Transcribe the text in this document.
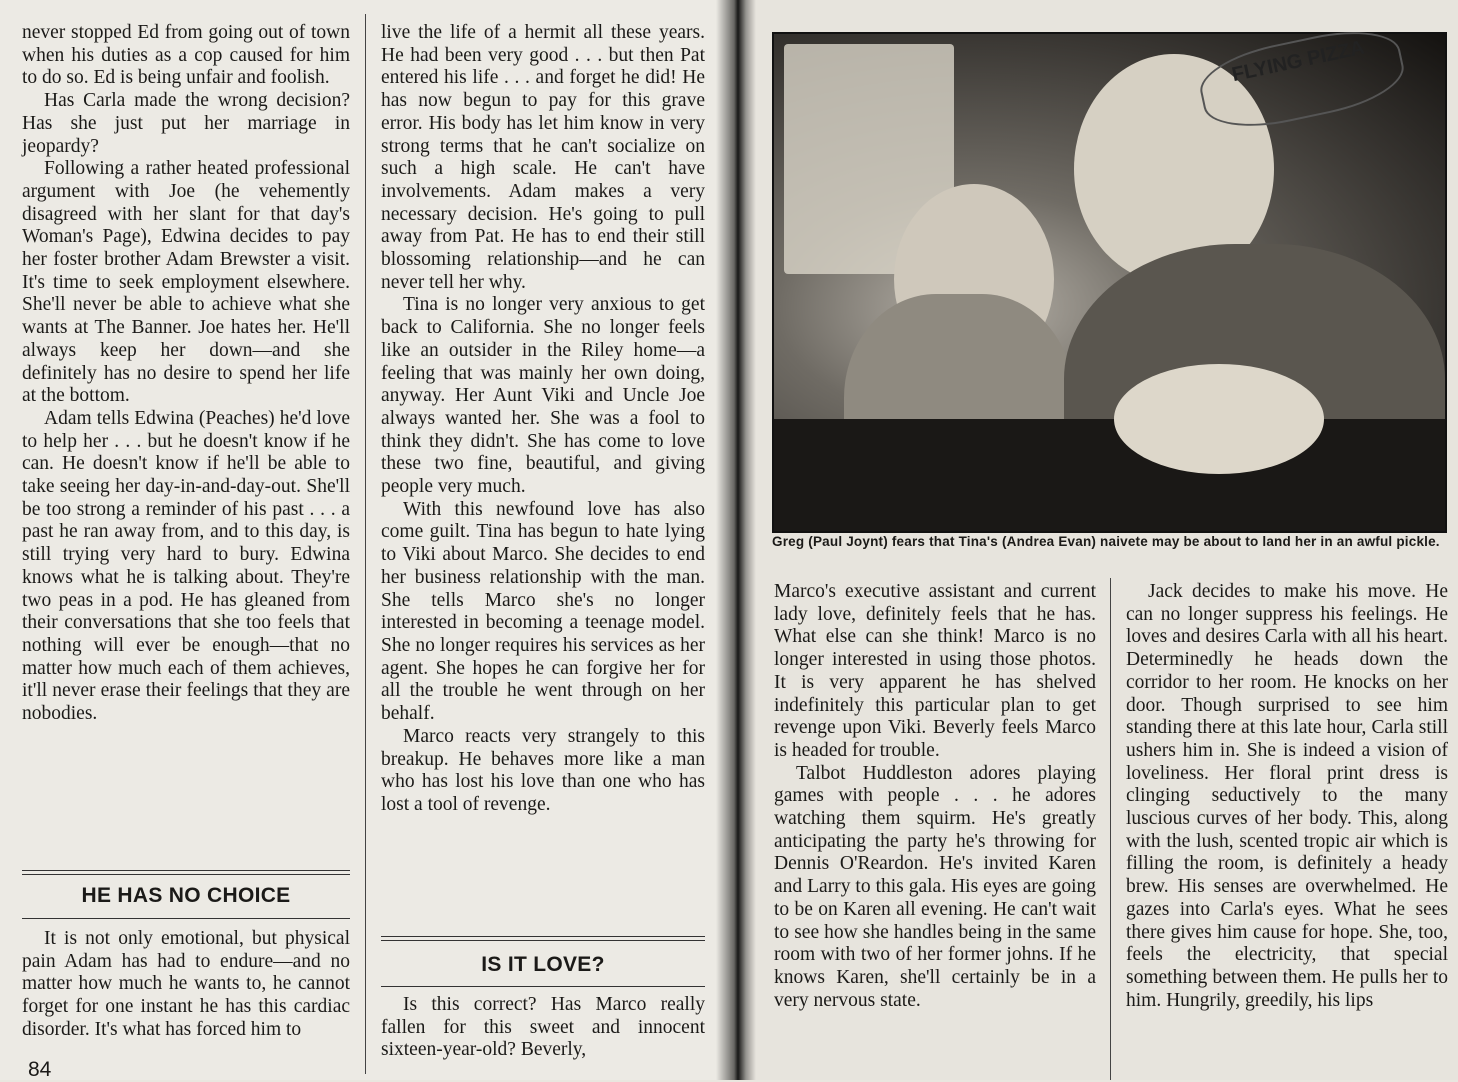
never stopped Ed from going out of town when his duties as a cop caused for him to do so. Ed is being unfair and foolish.

Has Carla made the wrong decision? Has she just put her marriage in jeopardy?

Following a rather heated professional argument with Joe (he vehemently disagreed with her slant for that day's Woman's Page), Edwina decides to pay her foster brother Adam Brewster a visit. It's time to seek employment elsewhere. She'll never be able to achieve what she wants at The Banner. Joe hates her. He'll always keep her down—and she definitely has no desire to spend her life at the bottom.

Adam tells Edwina (Peaches) he'd love to help her . . . but he doesn't know if he can. He doesn't know if he'll be able to take seeing her day-in-and-day-out. She'll be too strong a reminder of his past . . . a past he ran away from, and to this day, is still trying very hard to bury. Edwina knows what he is talking about. They're two peas in a pod. He has gleaned from their conversations that she too feels that nothing will ever be enough—that no matter how much each of them achieves, it'll never erase their feelings that they are nobodies.

HE HAS NO CHOICE

It is not only emotional, but physical pain Adam has had to endure—and no matter how much he wants to, he cannot forget for one instant he has this cardiac disorder. It's what has forced him to

live the life of a hermit all these years. He had been very good . . . but then Pat entered his life . . . and forget he did! He has now begun to pay for this grave error. His body has let him know in very strong terms that he can't socialize on such a high scale. He can't have involvements. Adam makes a very necessary decision. He's going to pull away from Pat. He has to end their still blossoming relationship—and he can never tell her why.

Tina is no longer very anxious to get back to California. She no longer feels like an outsider in the Riley home—a feeling that was mainly her own doing, anyway. Her Aunt Viki and Uncle Joe always wanted her. She was a fool to think they didn't. She has come to love these two fine, beautiful, and giving people very much.

With this newfound love has also come guilt. Tina has begun to hate lying to Viki about Marco. She decides to end her business relationship with the man. She tells Marco she's no longer interested in becoming a teenage model. She no longer requires his services as her agent. She hopes he can forgive her for all the trouble he went through on her behalf.

Marco reacts very strangely to this breakup. He behaves more like a man who has lost his love than one who has lost a tool of revenge.

IS IT LOVE?

Is this correct? Has Marco really fallen for this sweet and innocent sixteen-year-old? Beverly,

84
FLYING PIZZA
Greg (Paul Joynt) fears that Tina's (Andrea Evan) naivete may be about to land her in an awful pickle.

Marco's executive assistant and current lady love, definitely feels that he has. What else can she think! Marco is no longer interested in using those photos. It is very apparent he has shelved indefinitely this particular plan to get revenge upon Viki. Beverly feels Marco is headed for trouble.

Talbot Huddleston adores playing games with people . . . he adores watching them squirm. He's greatly anticipating the party he's throwing for Dennis O'Reardon. He's invited Karen and Larry to this gala. His eyes are going to be on Karen all evening. He can't wait to see how she handles being in the same room with two of her former johns. If he knows Karen, she'll certainly be in a very nervous state.

Jack decides to make his move. He can no longer suppress his feelings. He loves and desires Carla with all his heart. Determinedly he heads down the corridor to her room. He knocks on her door. Though surprised to see him standing there at this late hour, Carla still ushers him in. She is indeed a vision of loveliness. Her floral print dress is clinging seductively to the many luscious curves of her body. This, along with the lush, scented tropic air which is filling the room, is definitely a heady brew. His senses are overwhelmed. He gazes into Carla's eyes. What he sees there gives him cause for hope. She, too, feels the electricity, that special something between them. He pulls her to him. Hungrily, greedily, his lips
